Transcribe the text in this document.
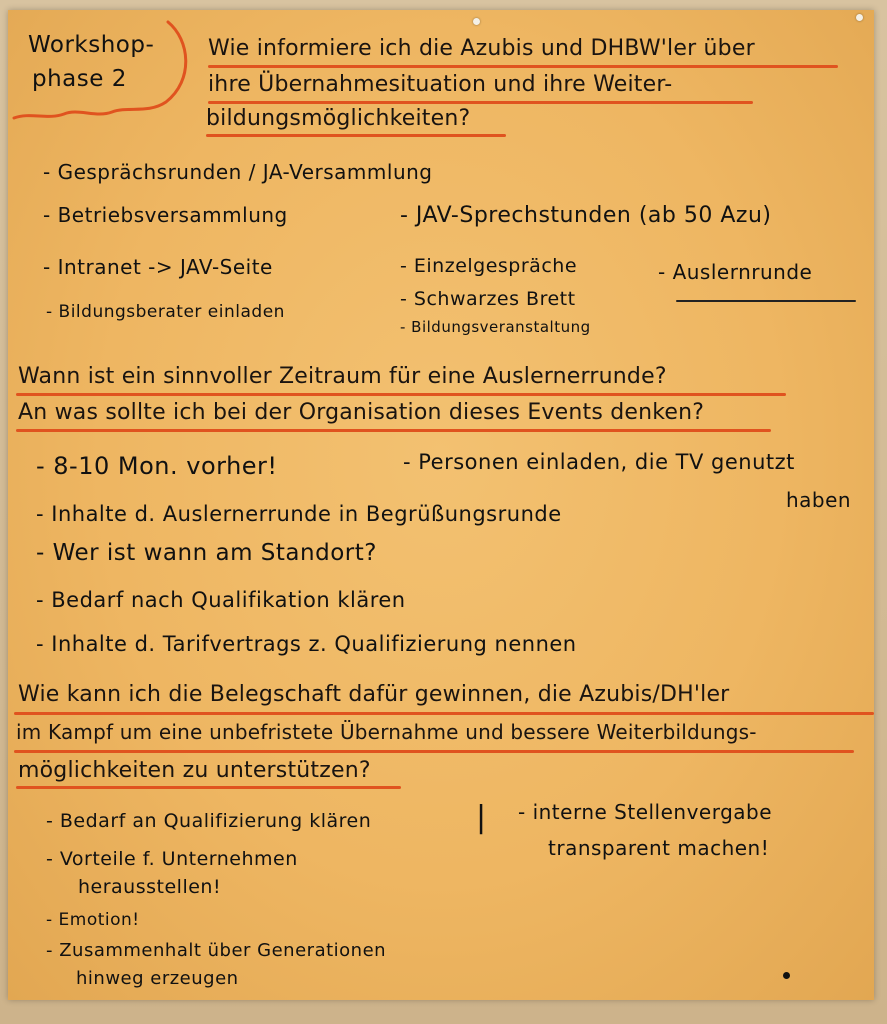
Workshop-
phase 2
Wie informiere ich die Azubis und DHBW'ler über
ihre Übernahmesituation und ihre Weiter-
bildungsmöglichkeiten?
- Gesprächsrunden / JA-Versammlung
- Betriebsversammlung	- JAV-Sprechstunden (ab 50 Azu)
- Intranet -> JAV-Seite	- Einzelgespräche	- Auslernrunde
- Bildungsberater einladen
- Schwarzes Brett
- Bildungsveranstaltung
Wann ist ein sinnvoller Zeitraum für eine Auslernerrunde?
An was sollte ich bei der Organisation dieses Events denken?
- 8-10 Mon. vorher!	- Personen einladen, die TV genutzt
haben
- Inhalte d. Auslernerrunde in Begrüßungsrunde
- Wer ist wann am Standort?
- Bedarf nach Qualifikation klären
- Inhalte d. Tarifvertrags z. Qualifizierung nennen
Wie kann ich die Belegschaft dafür gewinnen, die Azubis/DH'ler
im Kampf um eine unbefristete Übernahme und bessere Weiterbildungs-
möglichkeiten zu unterstützen?
- Bedarf an Qualifizierung klären
- Vorteile f. Unternehmen
herausstellen!
- Emotion!
- Zusammenhalt über Generationen
hinweg erzeugen
| - interne Stellenvergabe
transparent machen!
